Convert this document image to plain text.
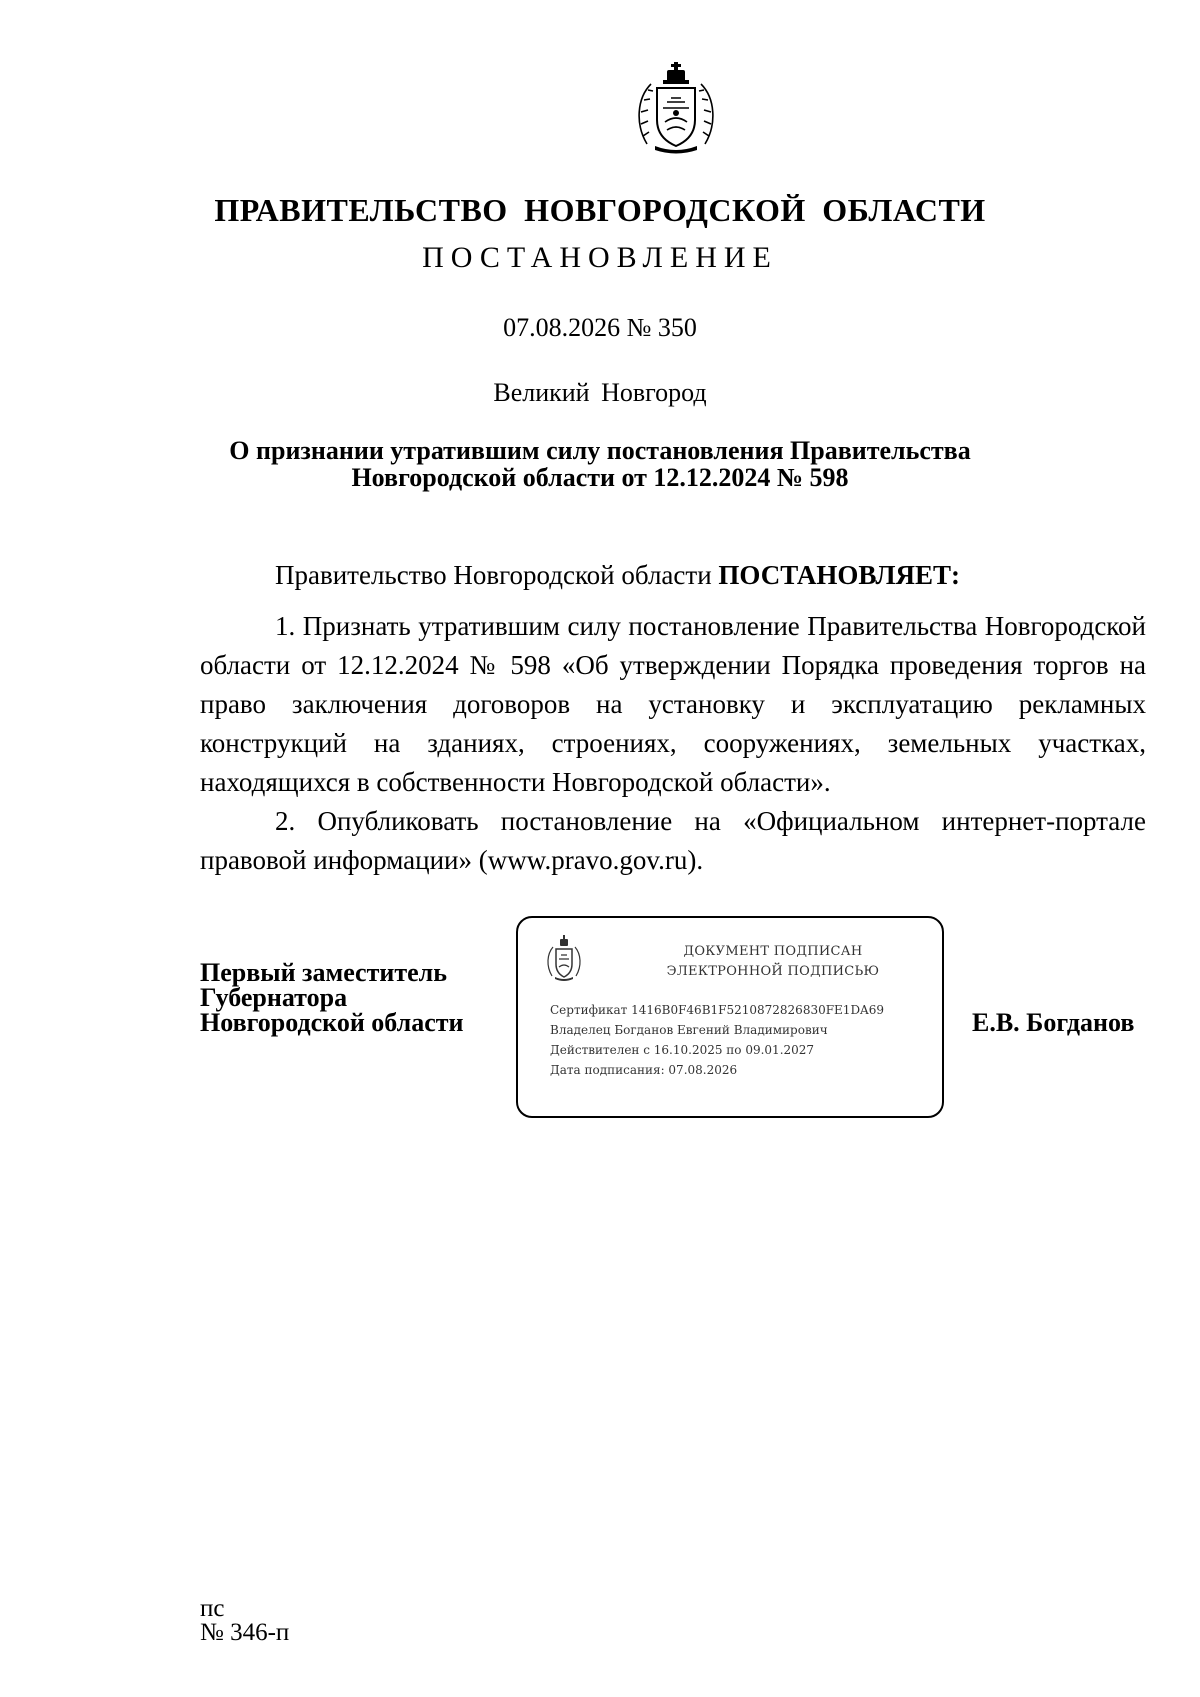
ПРАВИТЕЛЬСТВО НОВГОРОДСКОЙ ОБЛАСТИ
ПОСТАНОВЛЕНИЕ
07.08.2026 № 350
Великий Новгород
О признании утратившим силу постановления Правительства
Новгородской области от 12.12.2024 № 598
Правительство Новгородской области ПОСТАНОВЛЯЕТ:

1. Признать утратившим силу постановление Правительства Новгородской области от 12.12.2024 № 598 «Об утверждении Порядка проведения торгов на право заключения договоров на установку и эксплуатацию рекламных конструкций на зданиях, строениях, сооружениях, земельных участках, находящихся в собственности Новгородской области».

2. Опубликовать постановление на «Официальном интернет-портале правовой информации» (www.pravo.gov.ru).

Первый заместитель
Губернатора
Новгородской области
ДОКУМЕНТ ПОДПИСАН
ЭЛЕКТРОННОЙ ПОДПИСЬЮ
Сертификат 1416B0F46B1F5210872826830FE1DA69
Владелец Богданов Евгений Владимирович
Действителен с 16.10.2025 по 09.01.2027
Дата подписания: 07.08.2026
Е.В. Богданов
пс
№ 346-п
